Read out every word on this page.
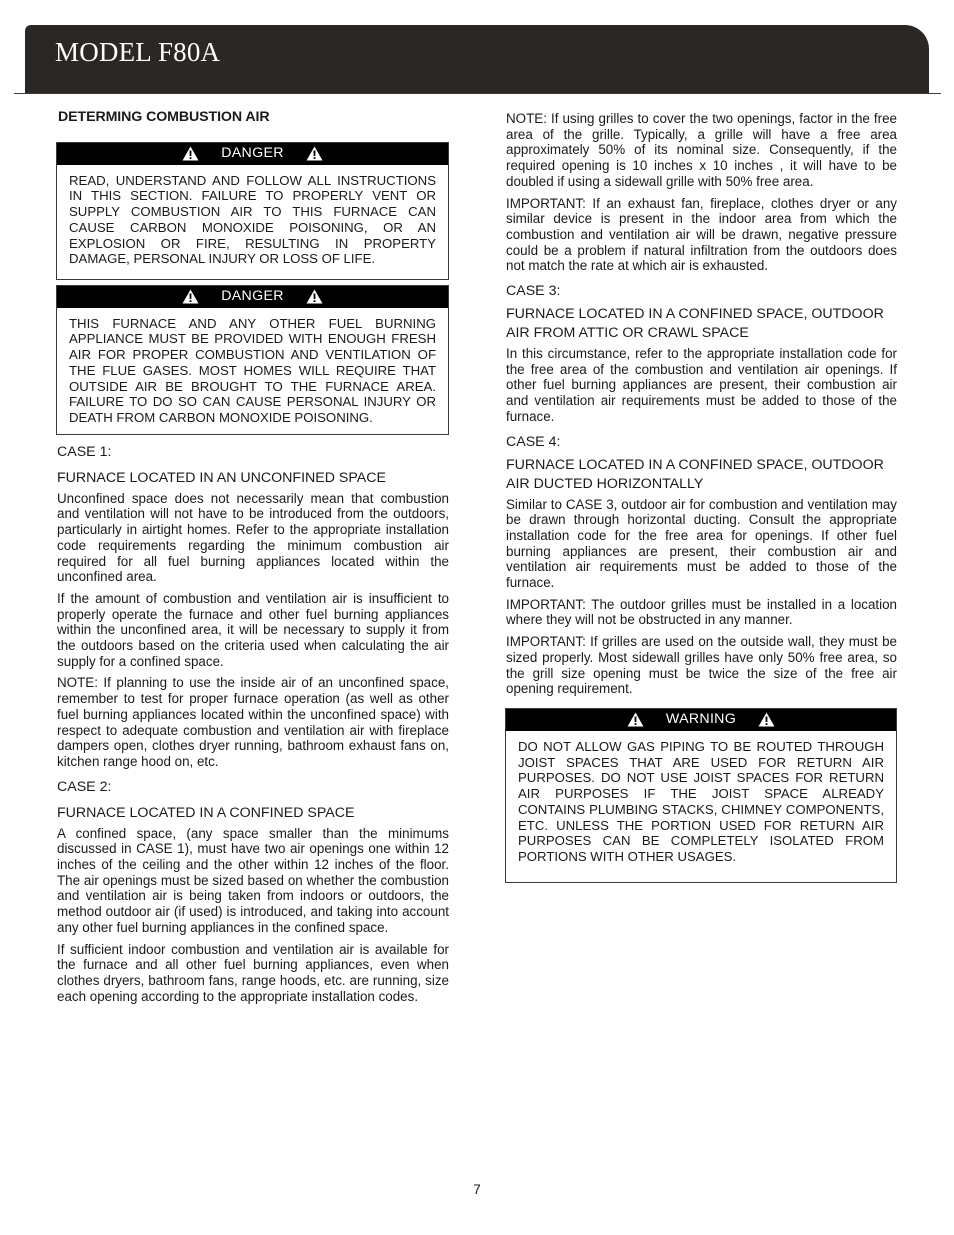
MODEL F80A
DETERMING COMBUSTION AIR
DANGER
READ, UNDERSTAND AND FOLLOW ALL INSTRUCTIONS IN THIS SECTION. FAILURE TO PROPERLY VENT OR SUPPLY COMBUSTION AIR TO THIS FURNACE CAN CAUSE CARBON MONOXIDE POISONING, OR AN EXPLOSION OR FIRE, RESULTING IN PROPERTY DAMAGE, PERSONAL INJURY OR LOSS OF LIFE.
DANGER
THIS FURNACE AND ANY OTHER FUEL BURNING APPLIANCE MUST BE PROVIDED WITH ENOUGH FRESH AIR FOR PROPER COMBUSTION AND VENTILATION OF THE FLUE GASES. MOST HOMES WILL REQUIRE THAT OUTSIDE AIR BE BROUGHT TO THE FURNACE AREA. FAILURE TO DO SO CAN CAUSE PERSONAL INJURY OR DEATH FROM CARBON MONOXIDE POISONING.
CASE 1:
FURNACE LOCATED IN AN UNCONFINED SPACE

Unconfined space does not necessarily mean that combustion and ventilation will not have to be introduced from the outdoors, particularly in airtight homes. Refer to the appropriate installation code requirements regarding the minimum combustion air required for all fuel burning appliances located within the unconfined area.

If the amount of combustion and ventilation air is insufficient to properly operate the furnace and other fuel burning appliances within the unconfined area, it will be necessary to supply it from the outdoors based on the criteria used when calculating the air supply for a confined space.

NOTE: If planning to use the inside air of an unconfined space, remember to test for proper furnace operation (as well as other fuel burning appliances located within the unconfined space) with respect to adequate combustion and ventilation air with fireplace dampers open, clothes dryer running, bathroom exhaust fans on, kitchen range hood on, etc.

CASE 2:
FURNACE LOCATED IN A CONFINED SPACE

A confined space, (any space smaller than the minimums discussed in CASE 1), must have two air openings one within 12 inches of the ceiling and the other within 12 inches of the floor. The air openings must be sized based on whether the combustion and ventilation air is being taken from indoors or outdoors, the method outdoor air (if used) is introduced, and taking into account any other fuel burning appliances in the confined space.

If sufficient indoor combustion and ventilation air is available for the furnace and all other fuel burning appliances, even when clothes dryers, bathroom fans, range hoods, etc. are running, size each opening according to the appropriate installation codes.

NOTE: If using grilles to cover the two openings, factor in the free area of the grille. Typically, a grille will have a free area approximately 50% of its nominal size. Consequently, if the required opening is 10 inches x 10 inches , it will have to be doubled if using a sidewall grille with 50% free area.

IMPORTANT: If an exhaust fan, fireplace, clothes dryer or any similar device is present in the indoor area from which the combustion and ventilation air will be drawn, negative pressure could be a problem if natural infiltration from the outdoors does not match the rate at which air is exhausted.

CASE 3:
FURNACE LOCATED IN A CONFINED SPACE, OUTDOOR AIR FROM ATTIC OR CRAWL SPACE

In this circumstance, refer to the appropriate installation code for the free area of the combustion and ventilation air openings. If other fuel burning appliances are present, their combustion air and ventilation air requirements must be added to those of the furnace.

CASE 4:
FURNACE LOCATED IN A CONFINED SPACE, OUTDOOR AIR DUCTED HORIZONTALLY

Similar to CASE 3, outdoor air for combustion and ventilation may be drawn through horizontal ducting. Consult the appropriate installation code for the free area for openings. If other fuel burning appliances are present, their combustion air and ventilation air requirements must be added to those of the furnace.

IMPORTANT: The outdoor grilles must be installed in a location where they will not be obstructed in any manner.

IMPORTANT: If grilles are used on the outside wall, they must be sized properly. Most sidewall grilles have only 50% free area, so the grill size opening must be twice the size of the free air opening requirement.

WARNING
DO NOT ALLOW GAS PIPING TO BE ROUTED THROUGH JOIST SPACES THAT ARE USED FOR RETURN AIR PURPOSES. DO NOT USE JOIST SPACES FOR RETURN AIR PURPOSES IF THE JOIST SPACE ALREADY CONTAINS PLUMBING STACKS, CHIMNEY COMPONENTS, ETC. UNLESS THE PORTION USED FOR RETURN AIR PURPOSES CAN BE COMPLETELY ISOLATED FROM PORTIONS WITH OTHER USAGES.
7
